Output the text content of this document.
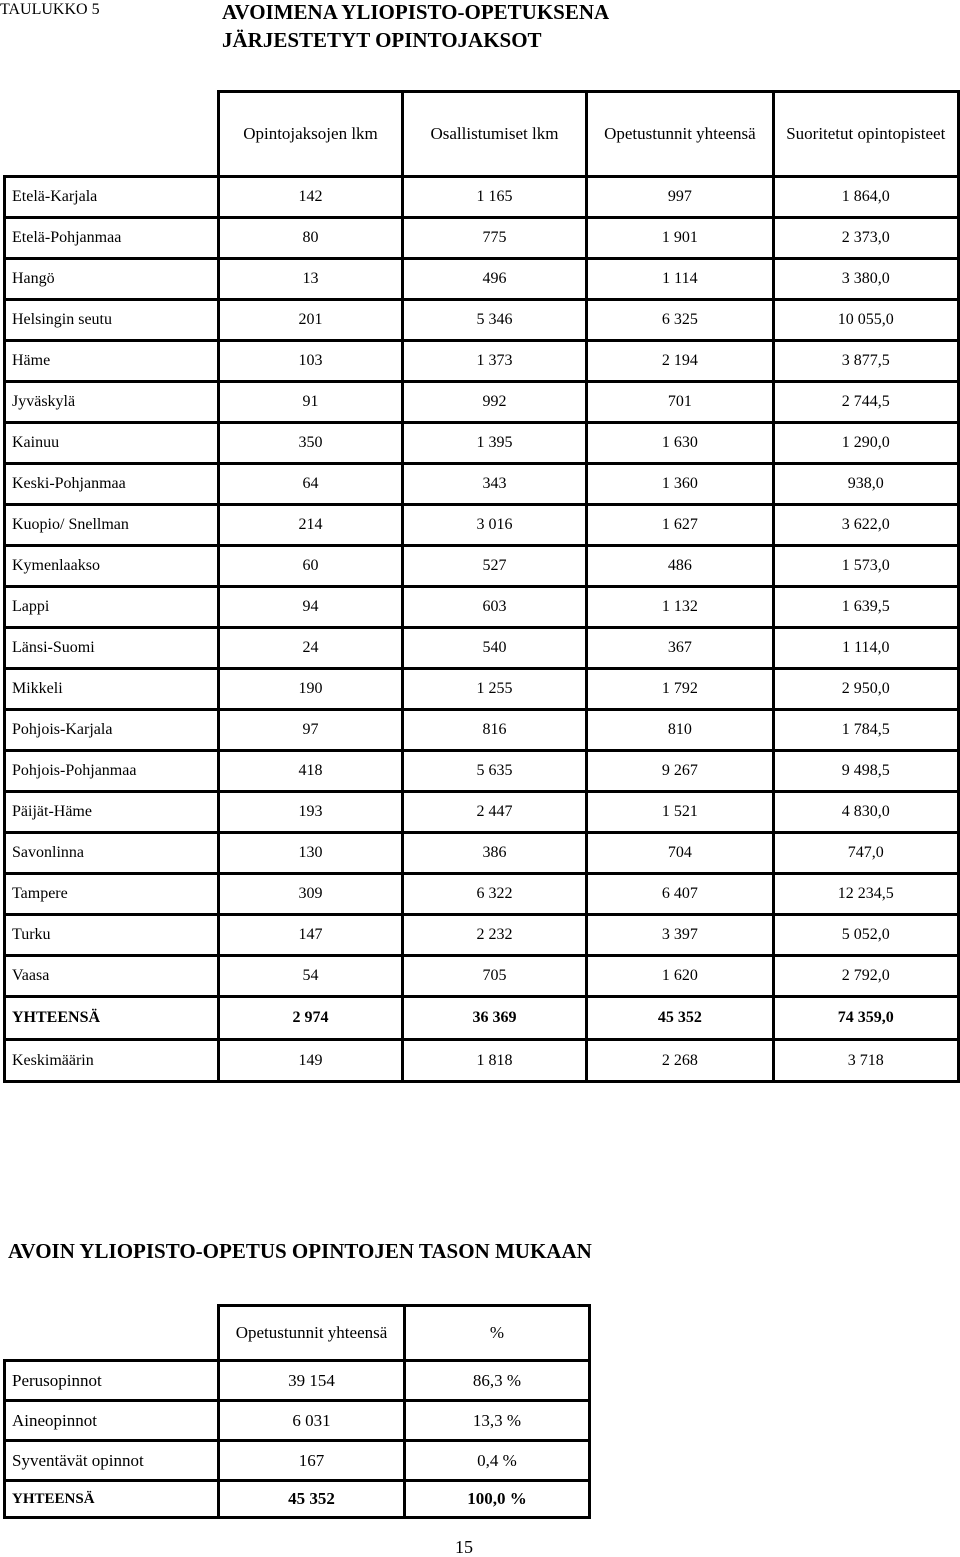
TAULUKKO 5	AVOIMENA YLIOPISTO-OPETUKSENA
JÄRJESTETYT OPINTOJAKSOT
	Opintojaksojen lkm	Osallistumiset lkm	Opetustunnit yhteensä	Suoritetut opintopisteet
Etelä-Karjala	142	1 165	997	1 864,0
Etelä-Pohjanmaa	80	775	1 901	2 373,0
Hangö	13	496	1 114	3 380,0
Helsingin seutu	201	5 346	6 325	10 055,0
Häme	103	1 373	2 194	3 877,5
Jyväskylä	91	992	701	2 744,5
Kainuu	350	1 395	1 630	1 290,0
Keski-Pohjanmaa	64	343	1 360	938,0
Kuopio/ Snellman	214	3 016	1 627	3 622,0
Kymenlaakso	60	527	486	1 573,0
Lappi	94	603	1 132	1 639,5
Länsi-Suomi	24	540	367	1 114,0
Mikkeli	190	1 255	1 792	2 950,0
Pohjois-Karjala	97	816	810	1 784,5
Pohjois-Pohjanmaa	418	5 635	9 267	9 498,5
Päijät-Häme	193	2 447	1 521	4 830,0
Savonlinna	130	386	704	747,0
Tampere	309	6 322	6 407	12 234,5
Turku	147	2 232	3 397	5 052,0
Vaasa	54	705	1 620	2 792,0
YHTEENSÄ	2 974	36 369	45 352	74 359,0
Keskimäärin	149	1 818	2 268	3 718
AVOIN YLIOPISTO-OPETUS OPINTOJEN TASON MUKAAN
	Opetustunnit yhteensä	%
Perusopinnot	39 154	86,3 %
Aineopinnot	6 031	13,3 %
Syventävät opinnot	167	0,4 %
YHTEENSÄ	45 352	100,0 %
15
